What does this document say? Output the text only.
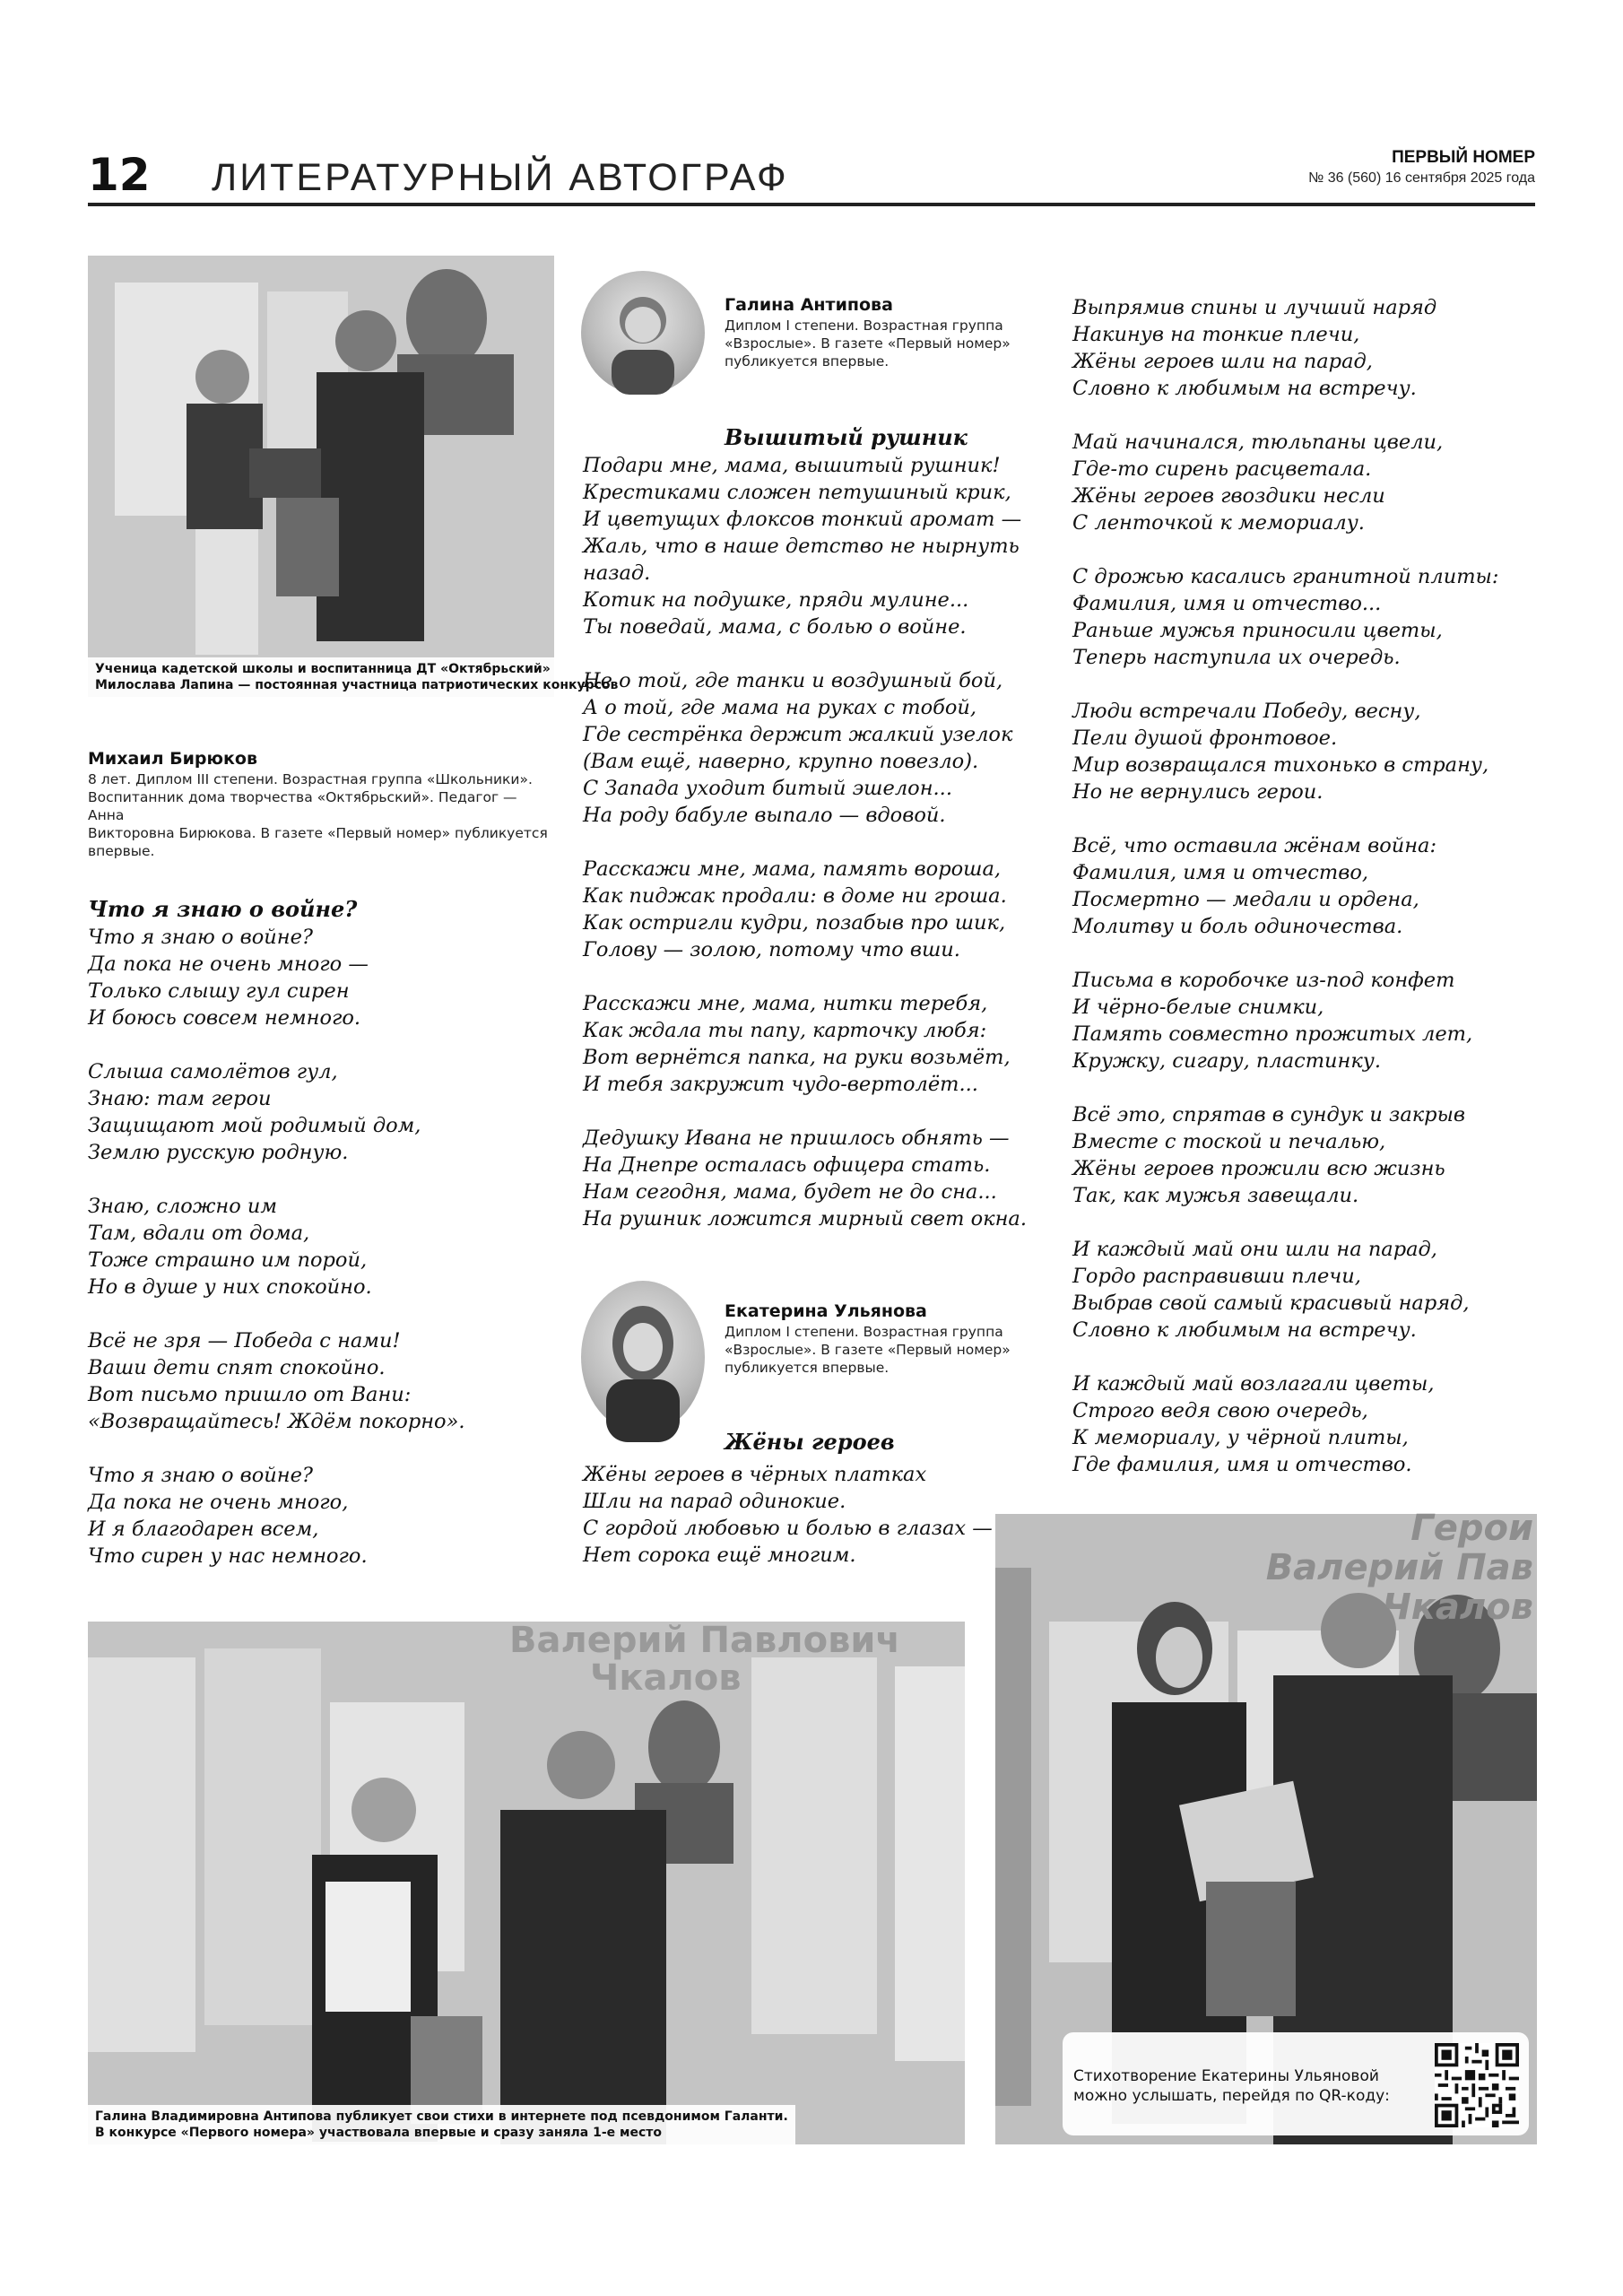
12 ЛИТЕРАТУРНЫЙ АВТОГРАФ	ПЕРВЫЙ НОМЕР
№ 36 (560) 16 сентября 2025 года
Ученица кадетской школы и воспитанница ДТ «Октябрьский»
Милослава Лапина — постоянная участница патриотических конкурсов
Михаил Бирюков
8 лет. Диплом III степени. Возрастная группа «Школьники».
Воспитанник дома творчества «Октябрьский». Педагог — Анна
Викторовна Бирюкова. В газете «Первый номер» публикуется
впервые.
Что я знаю о войне?
Что я знаю о войне?
Да пока не очень много —
Только слышу гул сирен
И боюсь совсем немного.
Слыша самолётов гул,
Знаю: там герои
Защищают мой родимый дом,
Землю русскую родную.
Знаю, сложно им
Там, вдали от дома,
Тоже страшно им порой,
Но в душе у них спокойно.
Всё не зря — Победа с нами!
Ваши дети спят спокойно.
Вот письмо пришло от Вани:
«Возвращайтесь! Ждём покорно».
Что я знаю о войне?
Да пока не очень много,
И я благодарен всем,
Что сирен у нас немного.
Галина Антипова
Диплом I степени. Возрастная группа
«Взрослые». В газете «Первый номер»
публикуется впервые.
Вышитый рушник
Подари мне, мама, вышитый рушник!
Крестиками сложен петушиный крик,
И цветущих флоксов тонкий аромат —
Жаль, что в наше детство не нырнуть
назад.
Котик на подушке, пряди мулине...
Ты поведай, мама, с болью о войне.
Не о той, где танки и воздушный бой,
А о той, где мама на руках с тобой,
Где сестрёнка держит жалкий узелок
(Вам ещё, наверно, крупно повезло).
С Запада уходит битый эшелон...
На роду бабуле выпало — вдовой.
Расскажи мне, мама, память вороша,
Как пиджак продали: в доме ни гроша.
Как остригли кудри, позабыв про шик,
Голову — золою, потому что вши.
Расскажи мне, мама, нитки теребя,
Как ждала ты папу, карточку любя:
Вот вернётся папка, на руки возьмёт,
И тебя закружит чудо-вертолёт...
Дедушку Ивана не пришлось обнять —
На Днепре осталась офицера стать.
Нам сегодня, мама, будет не до сна...
На рушник ложится мирный свет окна.
Екатерина Ульянова
Диплом I степени. Возрастная группа
«Взрослые». В газете «Первый номер»
публикуется впервые.
Жёны героев
Жёны героев в чёрных платках
Шли на парад одинокие.
С гордой любовью и болью в глазах —
Нет сорока ещё многим.
Выпрямив спины и лучший наряд
Накинув на тонкие плечи,
Жёны героев шли на парад,
Словно к любимым на встречу.
Май начинался, тюльпаны цвели,
Где-то сирень расцветала.
Жёны героев гвоздики несли
С ленточкой к мемориалу.
С дрожью касались гранитной плиты:
Фамилия, имя и отчество...
Раньше мужья приносили цветы,
Теперь наступила их очередь.
Люди встречали Победу, весну,
Пели душой фронтовое.
Мир возвращался тихонько в страну,
Но не вернулись герои.
Всё, что оставила жёнам война:
Фамилия, имя и отчество,
Посмертно — медали и ордена,
Молитву и боль одиночества.
Письма в коробочке из-под конфет
И чёрно-белые снимки,
Память совместно прожитых лет,
Кружку, сигару, пластинку.
Всё это, спрятав в сундук и закрыв
Вместе с тоской и печалью,
Жёны героев прожили всю жизнь
Так, как мужья завещали.
И каждый май они шли на парад,
Гордо расправивши плечи,
Выбрав свой самый красивый наряд,
Словно к любимым на встречу.
И каждый май возлагали цветы,
Строго ведя свою очередь,
К мемориалу, у чёрной плиты,
Где фамилия, имя и отчество.
Валерий Павлович
Чкалов
Галина Владимировна Антипова публикует свои стихи в интернете под псевдонимом Галанти.
В конкурсе «Первого номера» участвовала впервые и сразу заняла 1-е место
Герои
Валерий Пав
Чкалов
Стихотворение Екатерины Ульяновой
можно услышать, перейдя по QR-коду:
